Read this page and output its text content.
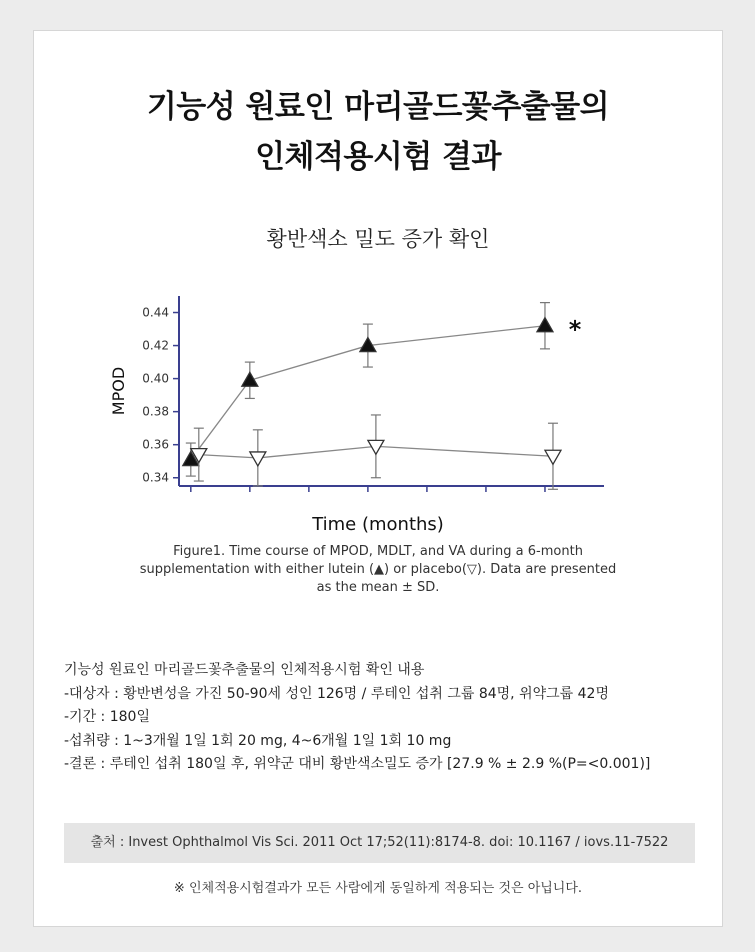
기능성 원료인 마리골드꽃추출물의
인체적용시험 결과
황반색소 밀도 증가 확인
0.44
0.42
0.40
0.38
0.36
0.34
MPOD
*
Time (months)
Figure1. Time course of MPOD, MDLT, and VA during a 6-month supplementation with either lutein (▲) or placebo(▽). Data are presented as the mean ± SD.
기능성 원료인 마리골드꽃추출물의 인체적용시험 확인 내용
-대상자 : 황반변성을 가진 50-90세 성인 126명 / 루테인 섭취 그룹 84명, 위약그룹 42명
-기간 : 180일
-섭취량 : 1~3개월 1일 1회 20 mg, 4~6개월 1일 1회 10 mg
-결론 : 루테인 섭취 180일 후, 위약군 대비 황반색소밀도 증가 [27.9 % ± 2.9 %(P=<0.001)]
출처 : Invest Ophthalmol Vis Sci. 2011 Oct 17;52(11):8174-8. doi: 10.1167 / iovs.11-7522
※ 인체적용시험결과가 모든 사람에게 동일하게 적용되는 것은 아닙니다.
